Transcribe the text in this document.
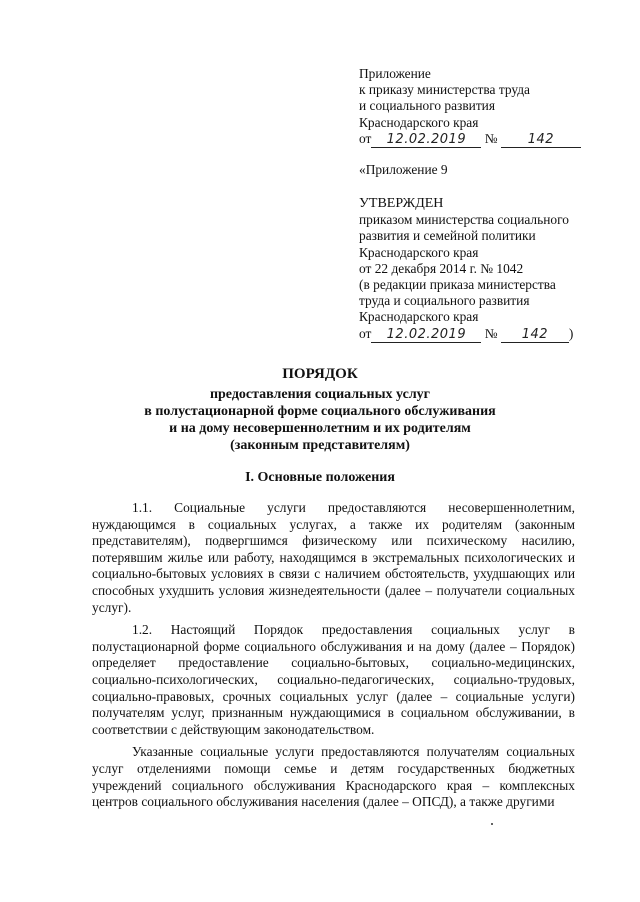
Приложение
к приказу министерства труда
и социального развития
Краснодарского края
от 12.02.2019 № 142
«Приложение 9
УТВЕРЖДЕН
приказом министерства социального
развития и семейной политики
Краснодарского края
от 22 декабря 2014 г. № 1042
(в редакции приказа министерства
труда и социального развития
Краснодарского края
от 12.02.2019 № 142 )
ПОРЯДОК
предоставления социальных услуг
в полустационарной форме социального обслуживания
и на дому несовершеннолетним и их родителям
(законным представителям)
I. Основные положения

1.1. Социальные услуги предоставляются несовершеннолетним, нуждающимся в социальных услугах, а также их родителям (законным представителям), подвергшимся физическому или психическому насилию, потерявшим жилье или работу, находящимся в экстремальных психологических и социально-бытовых условиях в связи с наличием обстоятельств, ухудшающих или способных ухудшить условия жизнедеятельности (далее – получатели социальных услуг).

1.2. Настоящий Порядок предоставления социальных услуг в полустационарной форме социального обслуживания и на дому (далее – Порядок) определяет предоставление социально-бытовых, социально-медицинских, социально-психологических, социально-педагогических, социально-трудовых, социально-правовых, срочных социальных услуг (далее – социальные услуги) получателям услуг, признанным нуждающимися в социальном обслуживании, в соответствии с действующим законодательством.

Указанные социальные услуги предоставляются получателям социальных услуг отделениями помощи семье и детям государственных бюджетных учреждений социального обслуживания Краснодарского края – комплексных центров социального обслуживания населения (далее – ОПСД), а также другими
